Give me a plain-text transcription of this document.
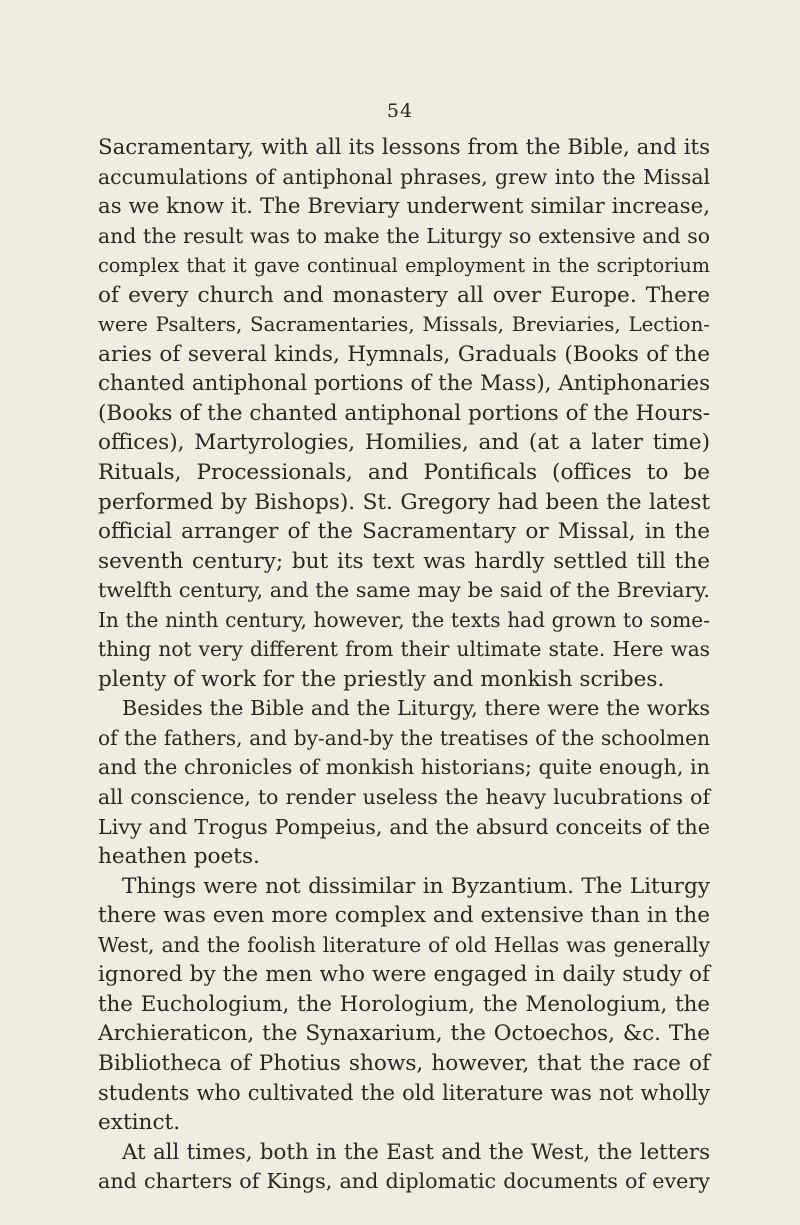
54
Sacramentary, with all its lessons from the Bible, and its
accumulations of antiphonal phrases, grew into the Missal
as we know it. The Breviary underwent similar increase,
and the result was to make the Liturgy so extensive and so
complex that it gave continual employment in the scriptorium
of every church and monastery all over Europe. There
were Psalters, Sacramentaries, Missals, Breviaries, Lection-
aries of several kinds, Hymnals, Graduals (Books of the
chanted antiphonal portions of the Mass), Antiphonaries
(Books of the chanted antiphonal portions of the Hours-
offices), Martyrologies, Homilies, and (at a later time)
Rituals, Processionals, and Pontificals (offices to be
performed by Bishops). St. Gregory had been the latest
official arranger of the Sacramentary or Missal, in the
seventh century; but its text was hardly settled till the
twelfth century, and the same may be said of the Breviary.
In the ninth century, however, the texts had grown to some-
thing not very different from their ultimate state. Here was
plenty of work for the priestly and monkish scribes.
Besides the Bible and the Liturgy, there were the works
of the fathers, and by-and-by the treatises of the schoolmen
and the chronicles of monkish historians; quite enough, in
all conscience, to render useless the heavy lucubrations of
Livy and Trogus Pompeius, and the absurd conceits of the
heathen poets.
Things were not dissimilar in Byzantium. The Liturgy
there was even more complex and extensive than in the
West, and the foolish literature of old Hellas was generally
ignored by the men who were engaged in daily study of
the Euchologium, the Horologium, the Menologium, the
Archieraticon, the Synaxarium, the Octoechos, &c. The
Bibliotheca of Photius shows, however, that the race of
students who cultivated the old literature was not wholly
extinct.
At all times, both in the East and the West, the letters
and charters of Kings, and diplomatic documents of every
